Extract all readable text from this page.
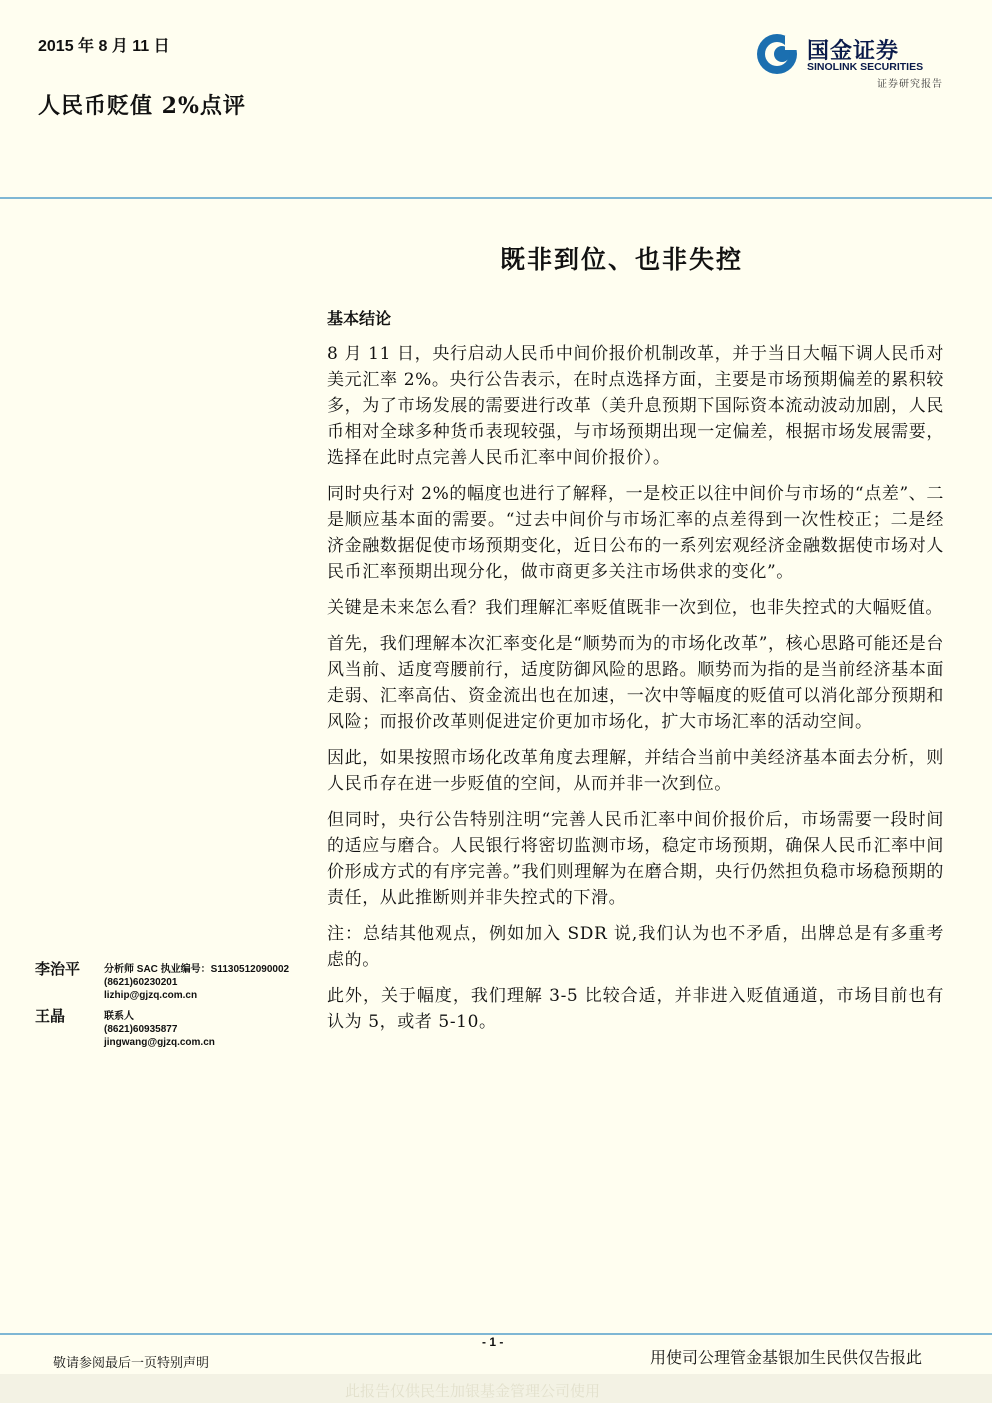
2015 年 8 月 11 日
人民币贬值 2%点评
国金证券
SINOLINK SECURITIES
证券研究报告
既非到位、也非失控
基本结论

8 月 11 日，央行启动人民币中间价报价机制改革，并于当日大幅下调人民币对美元汇率 2%。央行公告表示，在时点选择方面，主要是市场预期偏差的累积较多，为了市场发展的需要进行改革（美升息预期下国际资本流动波动加剧，人民币相对全球多种货币表现较强，与市场预期出现一定偏差，根据市场发展需要，选择在此时点完善人民币汇率中间价报价）。

同时央行对 2%的幅度也进行了解释，一是校正以往中间价与市场的“点差”、二是顺应基本面的需要。“过去中间价与市场汇率的点差得到一次性校正；二是经济金融数据促使市场预期变化，近日公布的一系列宏观经济金融数据使市场对人民币汇率预期出现分化，做市商更多关注市场供求的变化”。

关键是未来怎么看？我们理解汇率贬值既非一次到位，也非失控式的大幅贬值。

首先，我们理解本次汇率变化是“顺势而为的市场化改革”，核心思路可能还是台风当前、适度弯腰前行，适度防御风险的思路。顺势而为指的是当前经济基本面走弱、汇率高估、资金流出也在加速，一次中等幅度的贬值可以消化部分预期和风险；而报价改革则促进定价更加市场化，扩大市场汇率的活动空间。

因此，如果按照市场化改革角度去理解，并结合当前中美经济基本面去分析，则人民币存在进一步贬值的空间，从而并非一次到位。

但同时，央行公告特别注明“完善人民币汇率中间价报价后，市场需要一段时间的适应与磨合。人民银行将密切监测市场，稳定市场预期，确保人民币汇率中间价形成方式的有序完善。”我们则理解为在磨合期，央行仍然担负稳市场稳预期的责任，从此推断则并非失控式的下滑。

注：总结其他观点，例如加入 SDR 说,我们认为也不矛盾，出牌总是有多重考虑的。

此外，关于幅度，我们理解 3-5 比较合适，并非进入贬值通道，市场目前也有认为 5，或者 5-10。

李治平 分析师 SAC 执业编号：S1130512090002
(8621)60230201
lizhip@gjzq.com.cn
王晶	联系人
(8621)60935877
jingwang@gjzq.com.cn
- 1 -
敬请参阅最后一页特别声明	用使司公理管金基银加生民供仅告报此
此报告仅供民生加银基金管理公司使用
